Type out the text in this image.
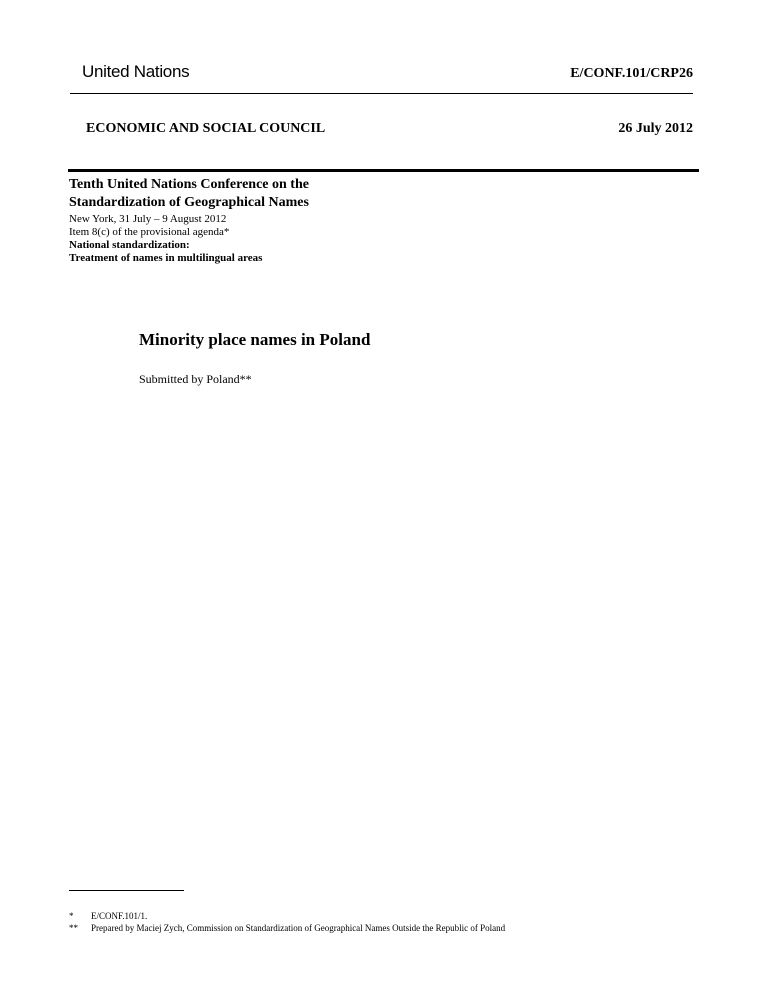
United Nations	E/CONF.101/CRP26
ECONOMIC AND SOCIAL COUNCIL	26 July 2012
Tenth United Nations Conference on the
Standardization of Geographical Names
New York, 31 July – 9 August 2012
Item 8(c) of the provisional agenda*
National standardization:
Treatment of names in multilingual areas
Minority place names in Poland
Submitted by Poland**
* E/CONF.101/1.
** Prepared by Maciej Zych, Commission on Standardization of Geographical Names Outside the Republic of Poland
